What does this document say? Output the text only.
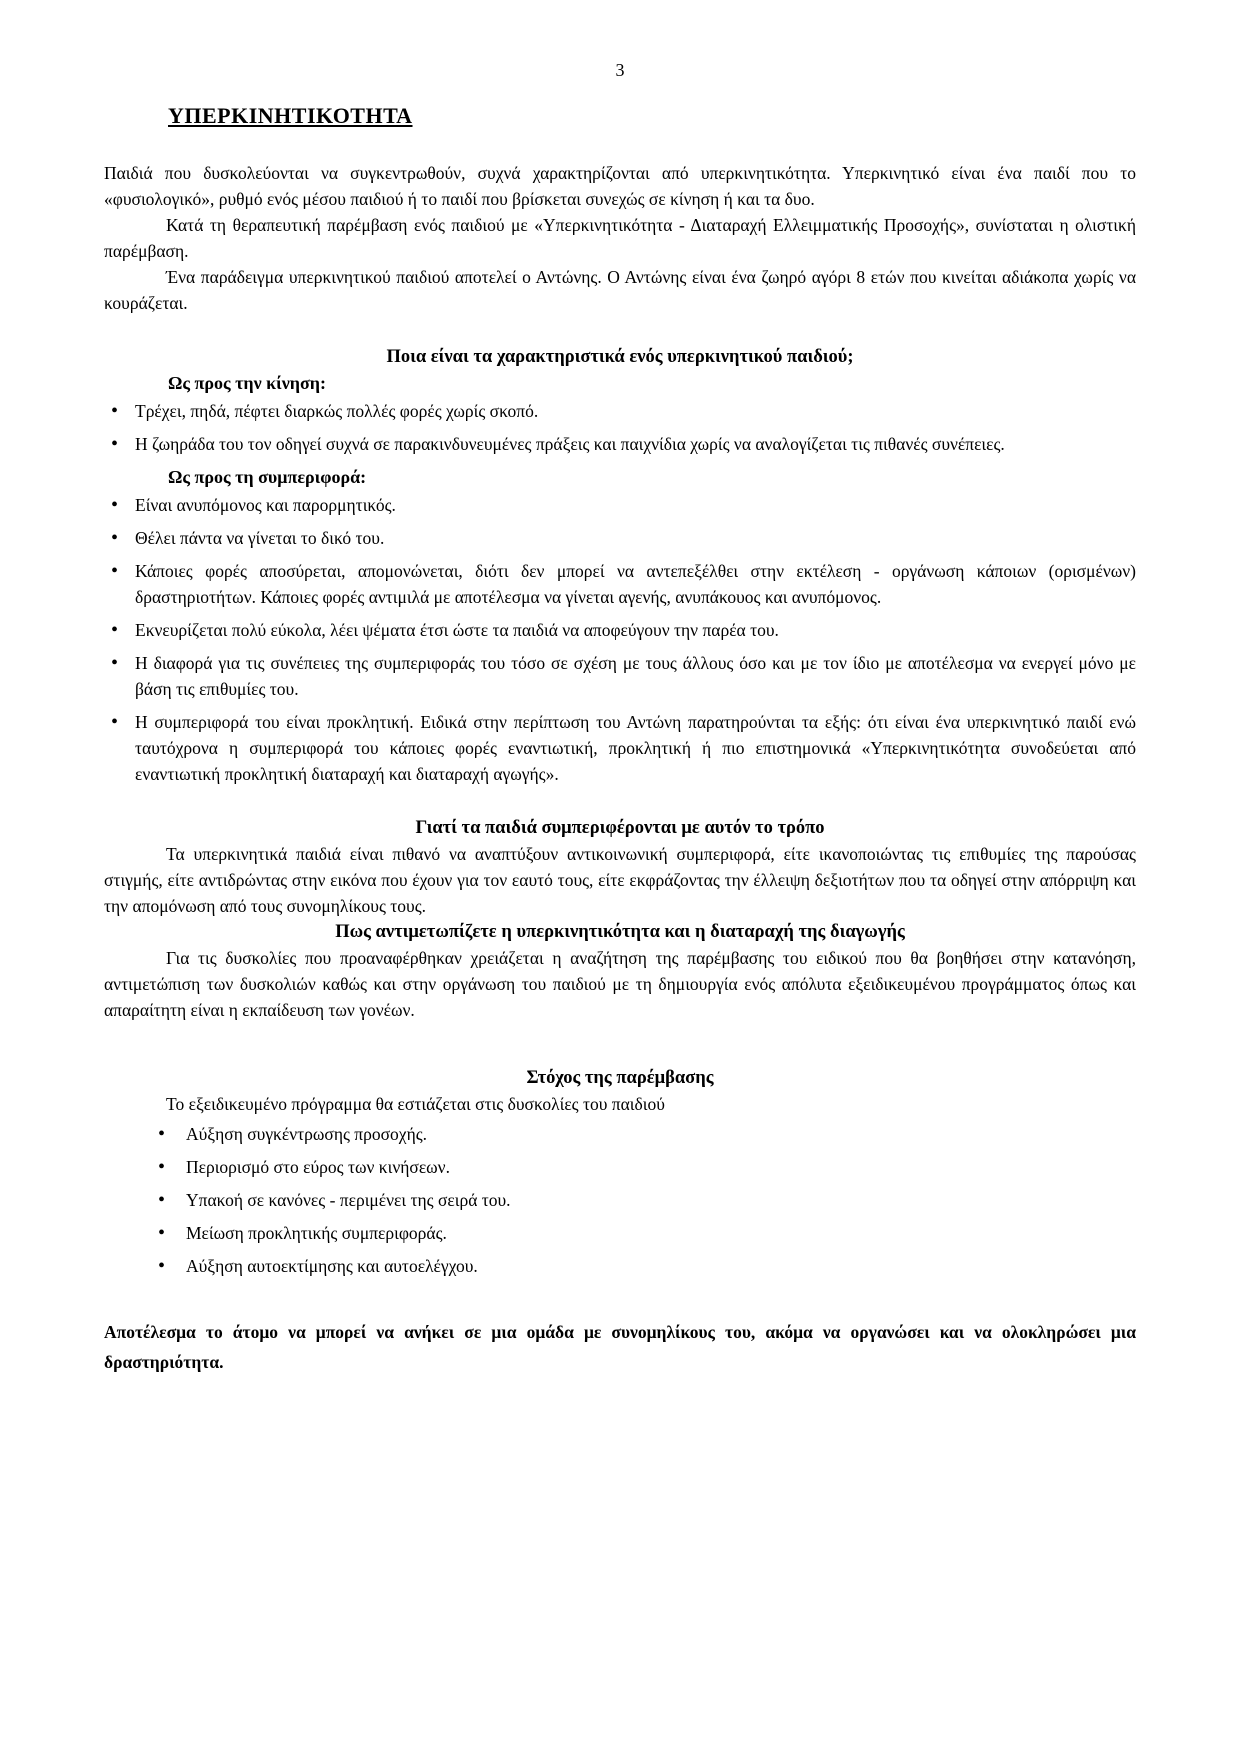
3
ΥΠΕΡΚΙΝΗΤΙΚΟΤΗΤΑ

Παιδιά που δυσκολεύονται να συγκεντρωθούν, συχνά χαρακτηρίζονται από υπερκινητικότητα. Υπερκινητικό είναι ένα παιδί που το «φυσιολογικό», ρυθμό ενός μέσου παιδιού ή το παιδί που βρίσκεται συνεχώς σε κίνηση ή και τα δυο.

Κατά τη θεραπευτική παρέμβαση ενός παιδιού με «Υπερκινητικότητα - Διαταραχή Ελλειμματικής Προσοχής», συνίσταται η ολιστική παρέμβαση.

Ένα παράδειγμα υπερκινητικού παιδιού αποτελεί ο Αντώνης. Ο Αντώνης είναι ένα ζωηρό αγόρι 8 ετών που κινείται αδιάκοπα χωρίς να κουράζεται.

Ποια είναι τα χαρακτηριστικά ενός υπερκινητικού παιδιού;
Ως προς την κίνηση:
• Τρέχει, πηδά, πέφτει διαρκώς πολλές φορές χωρίς σκοπό.
• Η ζωηράδα του τον οδηγεί συχνά σε παρακινδυνευμένες πράξεις και παιχνίδια χωρίς να αναλογίζεται τις πιθανές συνέπειες.
Ως προς τη συμπεριφορά:
• Είναι ανυπόμονος και παρορμητικός.
• Θέλει πάντα να γίνεται το δικό του.
• Κάποιες φορές αποσύρεται, απομονώνεται, διότι δεν μπορεί να αντεπεξέλθει στην εκτέλεση - οργάνωση κάποιων (ορισμένων) δραστηριοτήτων. Κάποιες φορές αντιμιλά με αποτέλεσμα να γίνεται αγενής, ανυπάκουος και ανυπόμονος.
• Εκνευρίζεται πολύ εύκολα, λέει ψέματα έτσι ώστε τα παιδιά να αποφεύγουν την παρέα του.
• Η διαφορά για τις συνέπειες της συμπεριφοράς του τόσο σε σχέση με τους άλλους όσο και με τον ίδιο με αποτέλεσμα να ενεργεί μόνο με βάση τις επιθυμίες του.
• Η συμπεριφορά του είναι προκλητική. Ειδικά στην περίπτωση του Αντώνη παρατηρούνται τα εξής: ότι είναι ένα υπερκινητικό παιδί ενώ ταυτόχρονα η συμπεριφορά του κάποιες φορές εναντιωτική, προκλητική ή πιο επιστημονικά «Υπερκινητικότητα συνοδεύεται από εναντιωτική προκλητική διαταραχή και διαταραχή αγωγής».
Γιατί τα παιδιά συμπεριφέρονται με αυτόν το τρόπο

Τα υπερκινητικά παιδιά είναι πιθανό να αναπτύξουν αντικοινωνική συμπεριφορά, είτε ικανοποιώντας τις επιθυμίες της παρούσας στιγμής, είτε αντιδρώντας στην εικόνα που έχουν για τον εαυτό τους, είτε εκφράζοντας την έλλειψη δεξιοτήτων που τα οδηγεί στην απόρριψη και την απομόνωση από τους συνομηλίκους τους.

Πως αντιμετωπίζετε η υπερκινητικότητα και η διαταραχή της διαγωγής

Για τις δυσκολίες που προαναφέρθηκαν χρειάζεται η αναζήτηση της παρέμβασης του ειδικού που θα βοηθήσει στην κατανόηση, αντιμετώπιση των δυσκολιών καθώς και στην οργάνωση του παιδιού με τη δημιουργία ενός απόλυτα εξειδικευμένου προγράμματος όπως και απαραίτητη είναι η εκπαίδευση των γονέων.

Στόχος της παρέμβασης

Το εξειδικευμένο πρόγραμμα θα εστιάζεται στις δυσκολίες του παιδιού

• Αύξηση συγκέντρωσης προσοχής.
• Περιορισμό στο εύρος των κινήσεων.
• Υπακοή σε κανόνες - περιμένει της σειρά του.
• Μείωση προκλητικής συμπεριφοράς.
• Αύξηση αυτοεκτίμησης και αυτοελέγχου.

Αποτέλεσμα το άτομο να μπορεί να ανήκει σε μια ομάδα με συνομηλίκους του, ακόμα να οργανώσει και να ολοκληρώσει μια δραστηριότητα.
